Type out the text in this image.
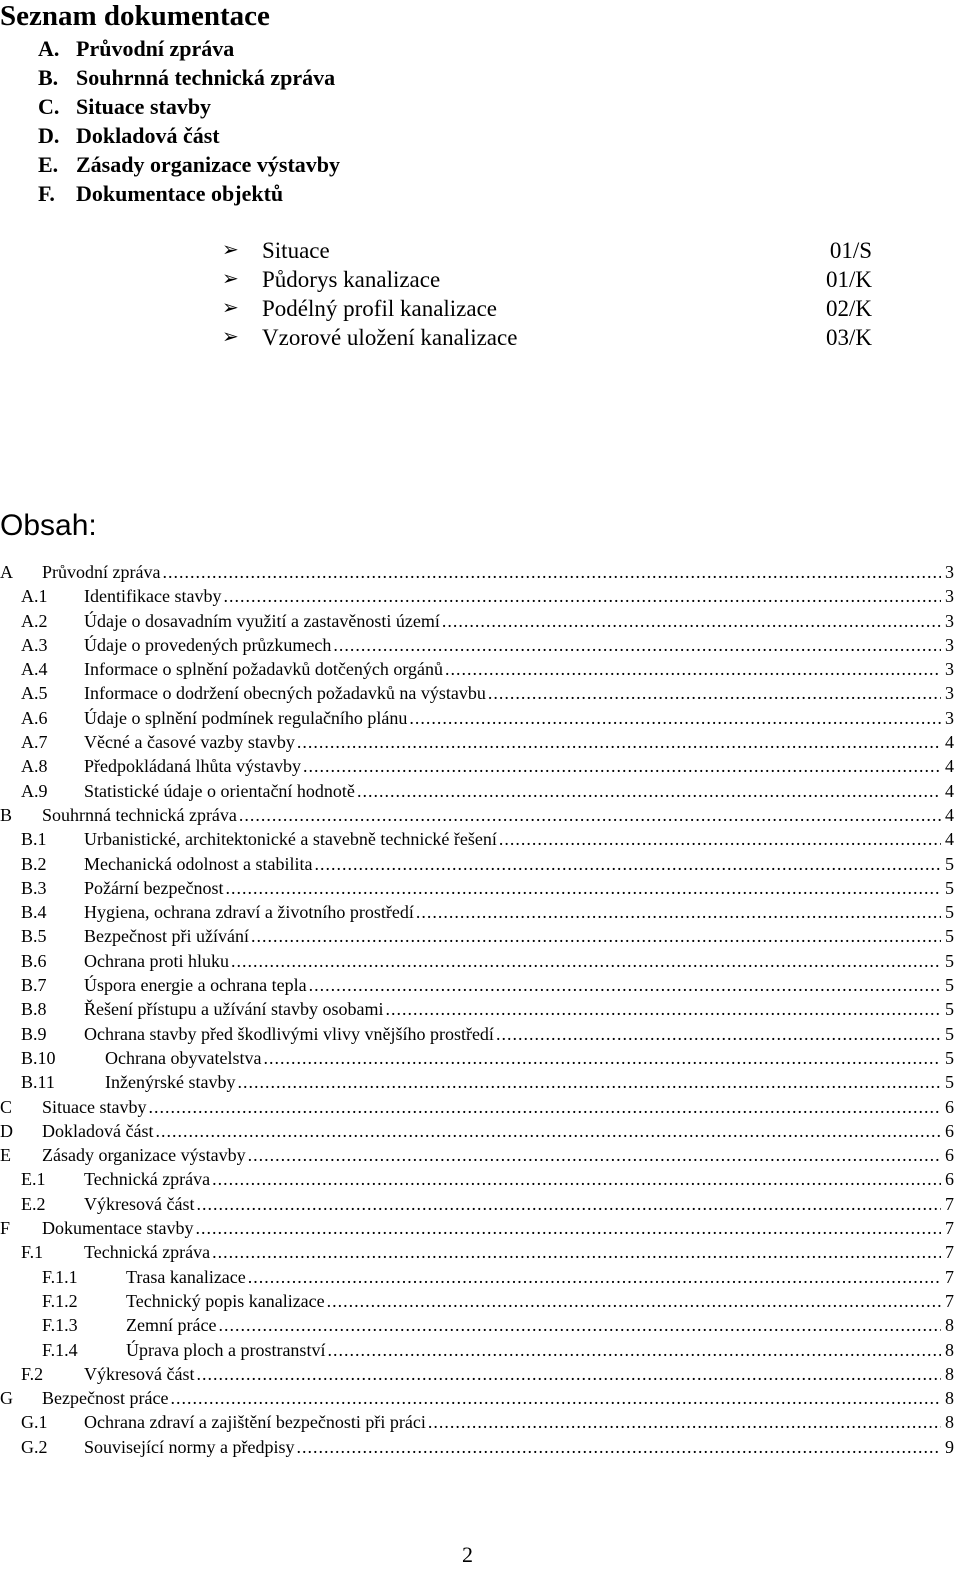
Seznam dokumentace
A. Průvodní zpráva
B. Souhrnná technická zpráva
C. Situace stavby
D. Dokladová část
E. Zásady organizace výstavby
F. Dokumentace objektů
➢ Situace	01/S
➢ Půdorys kanalizace	01/K
➢ Podélný profil kanalizace	02/K
➢ Vzorové uložení kanalizace	03/K
Obsah:
A Průvodní zpráva .....	3
A.1 Identifikace stavby .....	3
A.2 Údaje o dosavadním využití a zastavěnosti území .....	3
A.3 Údaje o provedených průzkumech .....	3
A.4 Informace o splnění požadavků dotčených orgánů .....	3
A.5 Informace o dodržení obecných požadavků na výstavbu .....	3
A.6 Údaje o splnění podmínek regulačního plánu .....	3
A.7 Věcné a časové vazby stavby .....	4
A.8 Předpokládaná lhůta výstavby .....	4
A.9 Statistické údaje o orientační hodnotě .....	4
B Souhrnná technická zpráva .....	4
B.1 Urbanistické, architektonické a stavebně technické řešení .....	4
B.2 Mechanická odolnost a stabilita .....	5
B.3 Požární bezpečnost .....	5
B.4 Hygiena, ochrana zdraví a životního prostředí .....	5
B.5 Bezpečnost při užívání .....	5
B.6 Ochrana proti hluku .....	5
B.7 Úspora energie a ochrana tepla .....	5
B.8 Řešení přístupu a užívání stavby osobami .....	5
B.9 Ochrana stavby před škodlivými vlivy vnějšího prostředí .....	5
B.10	Ochrana obyvatelstva .....	5
B.11	Inženýrské stavby .....	5
C Situace stavby .....	6
D Dokladová část .....	6
E Zásady organizace výstavby .....	6
E.1 Technická zpráva .....	6
E.2 Výkresová část .....	7
F Dokumentace stavby .....	7
F.1 Technická zpráva .....	7
F.1.1	Trasa kanalizace .....	7
F.1.2	Technický popis kanalizace .....	7
F.1.3	Zemní práce .....	8
F.1.4	Úprava ploch a prostranství .....	8
F.2 Výkresová část .....	8
G Bezpečnost práce .....	8
G.1 Ochrana zdraví a zajištění bezpečnosti při práci .....	8
G.2 Související normy a předpisy .....	9
2
